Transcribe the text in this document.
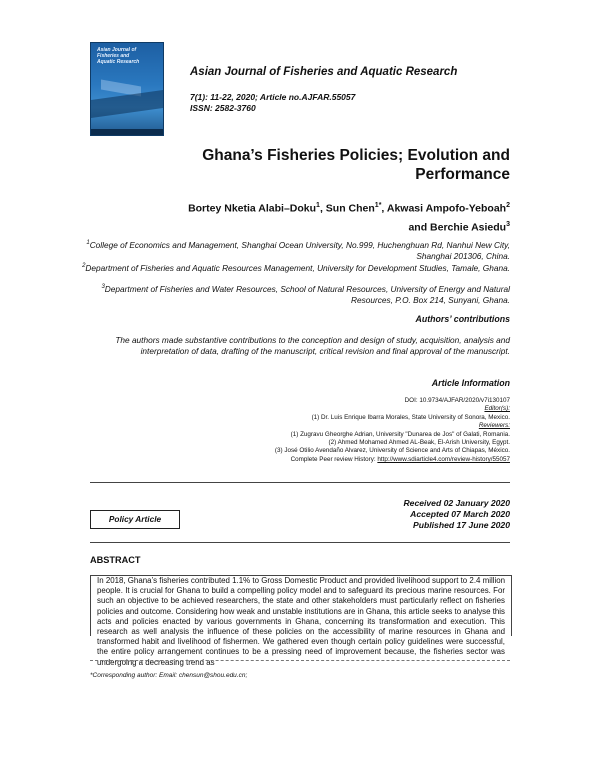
Asian Journal of
Fisheries and
Aquatic Research
Asian Journal of Fisheries and Aquatic Research
7(1): 11-22, 2020; Article no.AJFAR.55057
ISSN: 2582-3760
Ghana’s Fisheries Policies; Evolution and Performance
Bortey Nketia Alabi–Doku$^1$, Sun Chen$^{1*}$, Akwasi Ampofo-Yeboah$^2$
and Berchie Asiedu$^3$
$^1$College of Economics and Management, Shanghai Ocean University, No.999, Huchenghuan Rd, Nanhui New City, Shanghai 201306, China.
$^2$Department of Fisheries and Aquatic Resources Management, University for Development Studies, Tamale, Ghana.
$^3$Department of Fisheries and Water Resources, School of Natural Resources, University of Energy and Natural Resources, P.O. Box 214, Sunyani, Ghana.
Authors’ contributions
The authors made substantive contributions to the conception and design of study, acquisition, analysis and interpretation of data, drafting of the manuscript, critical revision and final approval of the manuscript.
Article Information
DOI: 10.9734/AJFAR/2020/v7i130107
Editor(s):
(1) Dr. Luis Enrique Ibarra Morales, State University of Sonora, Mexico.
Reviewers:
(1) Zugravu Gheorghe Adrian, University "Dunarea de Jos" of Galati, Romania.
(2) Ahmed Mohamed Ahmed AL-Beak, El-Arish University, Egypt.
(3) José Otilio Avendaño Alvarez, University of Science and Arts of Chiapas, México.
Complete Peer review History: http://www.sdiarticle4.com/review-history/55057
Received 02 January 2020
Accepted 07 March 2020
Published 17 June 2020
Policy Article
ABSTRACT
In 2018, Ghana’s fisheries contributed 1.1% to Gross Domestic Product and provided livelihood support to 2.4 million people. It is crucial for Ghana to build a compelling policy model and to safeguard its precious marine resources. For such an objective to be achieved researchers, the state and other stakeholders must particularly reflect on fisheries policies and outcome. Considering how weak and unstable institutions are in Ghana, this article seeks to analyse this acts and policies enacted by various governments in Ghana, concerning its transformation and execution. This research as well analysis the influence of these policies on the accessibility of marine resources in Ghana and transformed habit and livelihood of fishermen. We gathered even though certain policy guidelines were successful, the entire policy arrangement continues to be a pressing need of improvement because, the fisheries sector was undergoing a decreasing trend as
*Corresponding author: Email: chensun@shou.edu.cn;
